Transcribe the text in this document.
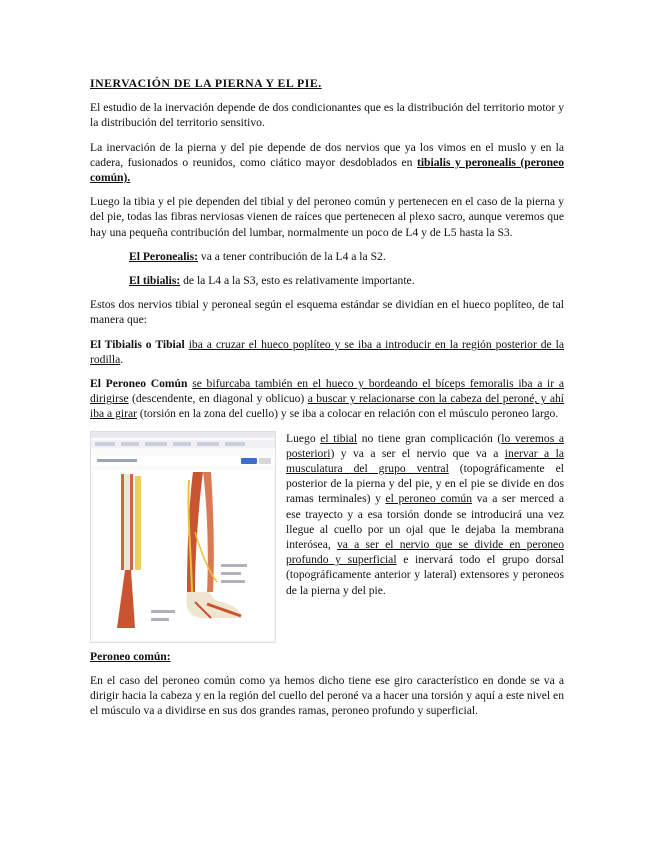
INERVACIÓN DE LA PIERNA Y EL PIE.

El estudio de la inervación depende de dos condicionantes que es la distribución del territorio motor y la distribución del territorio sensitivo.

La inervación de la pierna y del pie depende de dos nervios que ya los vimos en el muslo y en la cadera, fusionados o reunidos, como ciático mayor desdoblados en tibialis y peronealis (peroneo común).

Luego la tibia y el pie dependen del tibial y del peroneo común y pertenecen en el caso de la pierna y del pie, todas las fibras nerviosas vienen de raíces que pertenecen al plexo sacro, aunque veremos que hay una pequeña contribución del lumbar, normalmente un poco de L4 y de L5 hasta la S3.

El Peronealis: va a tener contribución de la L4 a la S2.

El tibialis: de la L4 a la S3, esto es relativamente importante.

Estos dos nervios tibial y peroneal según el esquema estándar se dividían en el hueco poplíteo, de tal manera que:

El Tibialis o Tibial iba a cruzar el hueco poplíteo y se iba a introducir en la región posterior de la rodilla.

El Peroneo Común se bifurcaba también en el hueco y bordeando el bíceps femoralis iba a ir a dirigirse (descendente, en diagonal y oblicuo) a buscar y relacionarse con la cabeza del peroné, y ahí iba a girar (torsión en la zona del cuello) y se iba a colocar en relación con el músculo peroneo largo.

Luego el tibial no tiene gran complicación (lo veremos a posteriori) y va a ser el nervio que va a inervar a la musculatura del grupo ventral (topográficamente el posterior de la pierna y del pie, y en el pie se divide en dos ramas terminales) y el peroneo común va a ser merced a ese trayecto y a esa torsión donde se introducirá una vez llegue al cuello por un ojal que le dejaba la membrana interósea, va a ser el nervio que se divide en peroneo profundo y superficial e inervará todo el grupo dorsal (topográficamente anterior y lateral) extensores y peroneos de la pierna y del pie.

Peroneo común:

En el caso del peroneo común como ya hemos dicho tiene ese giro característico en donde se va a dirigir hacia la cabeza y en la región del cuello del peroné va a hacer una torsión y aquí a este nivel en el músculo va a dividirse en sus dos grandes ramas, peroneo profundo y superficial.
